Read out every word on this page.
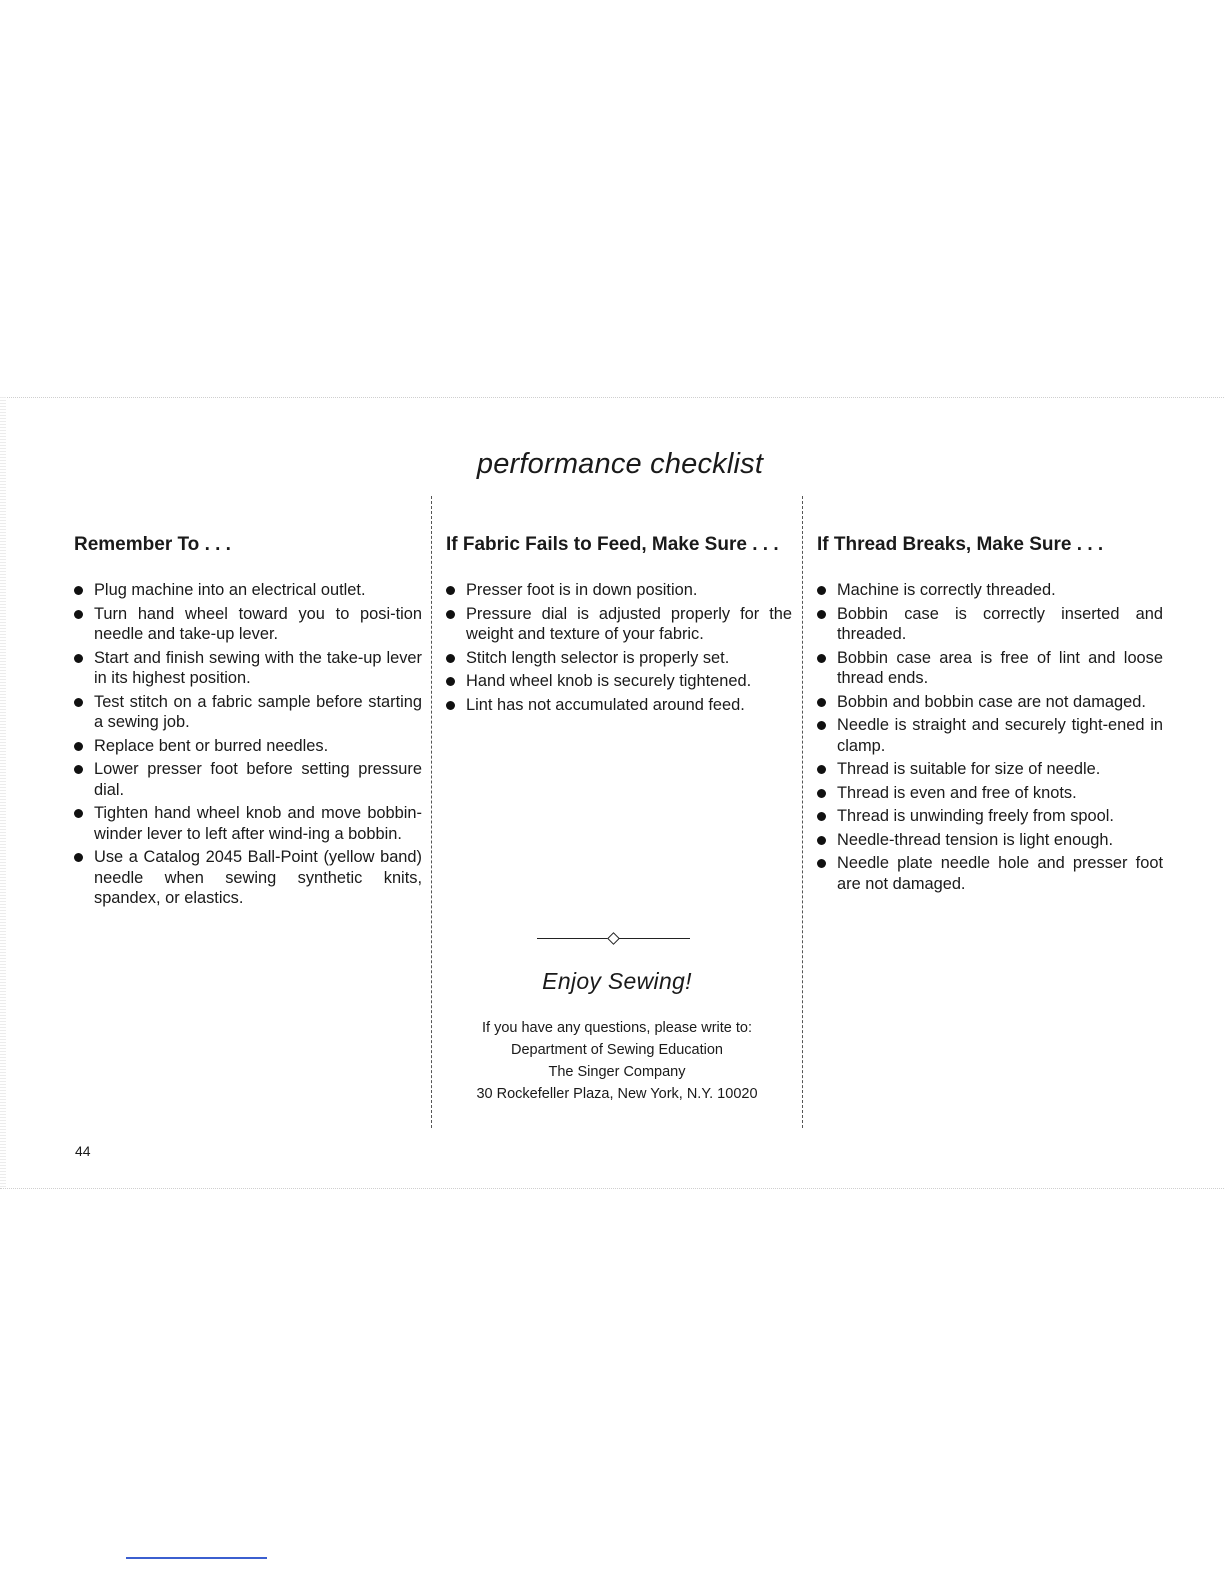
performance checklist
Remember To . . .
Plug machine into an electrical outlet.
Turn hand wheel toward you to posi-tion needle and take-up lever.
Start and finish sewing with the take-up lever in its highest position.
Test stitch on a fabric sample before starting a sewing job.
Replace bent or burred needles.
Lower presser foot before setting pressure dial.
Tighten hand wheel knob and move bobbin-winder lever to left after wind-ing a bobbin.
Use a Catalog 2045 Ball-Point (yellow band) needle when sewing synthetic knits, spandex, or elastics.
If Fabric Fails to Feed, Make Sure . . .
Presser foot is in down position.
Pressure dial is adjusted properly for the weight and texture of your fabric.
Stitch length selector is properly set.
Hand wheel knob is securely tightened.
Lint has not accumulated around feed.
If Thread Breaks, Make Sure . . .
Machine is correctly threaded.
Bobbin case is correctly inserted and threaded.
Bobbin case area is free of lint and loose thread ends.
Bobbin and bobbin case are not damaged.
Needle is straight and securely tight-ened in clamp.
Thread is suitable for size of needle.
Thread is even and free of knots.
Thread is unwinding freely from spool.
Needle-thread tension is light enough.
Needle plate needle hole and presser foot are not damaged.
Enjoy Sewing!
If you have any questions, please write to:
Department of Sewing Education
The Singer Company
30 Rockefeller Plaza, New York, N.Y. 10020
44
